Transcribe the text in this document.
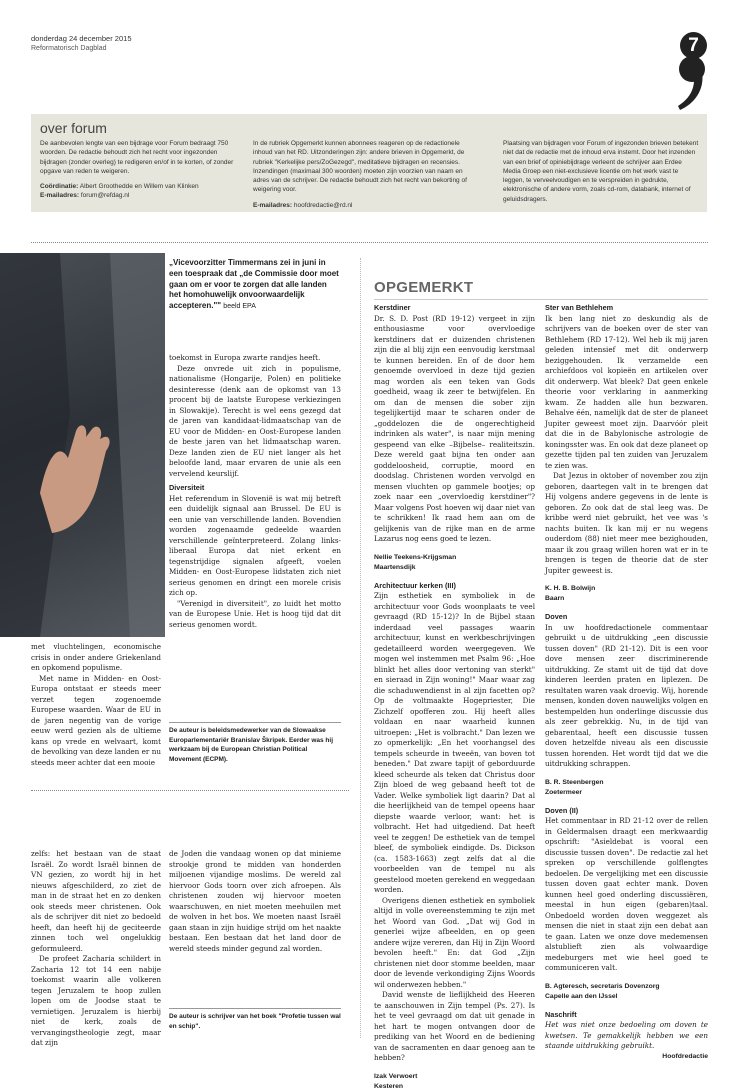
donderdag 24 december 2015
Reformatorisch Dagblad	7
over forum

De aanbevolen lengte van een bijdrage voor Forum bedraagt 750 woorden. De redactie behoudt zich het recht voor ingezonden bijdragen (zonder overleg) te redigeren en/of in te korten, of zonder opgave van reden te weigeren.

Coördinatie: Albert Groothedde en Willem van Klinken

E-mailadres: forum@refdag.nl

In de rubriek Opgemerkt kunnen abonnees reageren op de redactionele inhoud van het RD. Uitzonderingen zijn: andere brieven in Opgemerkt, de rubriek "Kerkelijke pers/ZoGezegd", meditatieve bijdragen en recensies. Inzendingen (maximaal 300 woorden) moeten zijn voorzien van naam en adres van de schrijver. De redactie behoudt zich het recht van bekorting of weigering voor.

E-mailadres: hoofdredactie@rd.nl

Plaatsing van bijdragen voor Forum of ingezonden brieven betekent niet dat de redactie met de inhoud erva instemt. Door het inzenden van een brief of opiniebijdrage verleent de schrijver aan Erdee Media Groep een niet-exclusieve licentie om het werk vast te leggen, te verveelvoudigen en te verspreiden in gedrukte, elektronische of andere vorm, zoals cd-rom, databank, internet of geluidsdragers.

„Vicevoorzitter Timmermans zei in juni in een toespraak dat „de Commissie door moet gaan om er voor te zorgen dat alle landen het homohuwelijk onvoorwaardelijk accepteren."" beeld EPA

met vluchtelingen, economische crisis in onder andere Griekenland en opkomend populisme.

Met name in Midden- en Oost-Europa ontstaat er steeds meer verzet tegen zogenoemde Europese waarden. Waar de EU in de jaren negentig van de vorige eeuw werd gezien als de ultieme kans op vrede en welvaart, komt de bevolking van deze landen er nu steeds meer achter dat een mooie

toekomst in Europa zwarte randjes heeft.

Deze onvrede uit zich in populisme, nationalisme (Hongarije, Polen) en politieke desinteresse (denk aan de opkomst van 13 procent bij de laatste Europese verkiezingen in Slowakije). Terecht is wel eens gezegd dat de jaren van kandidaat-lidmaatschap van de EU voor de Midden- en Oost-Europese landen de beste jaren van het lidmaatschap waren. Deze landen zien de EU niet langer als het beloofde land, maar ervaren de unie als een vervelend keurslijf.

Diversiteit

Het referendum in Slovenië is wat mij betreft een duidelijk signaal aan Brussel. De EU is een unie van verschillende landen. Bovendien worden zogenaamde gedeelde waarden verschillende geïnterpreteerd. Zolang links-liberaal Europa dat niet erkent en tegenstrijdige signalen afgeeft, voelen Midden- en Oost-Europese lidstaten zich niet serieus genomen en dringt een morele crisis zich op.

"Verenigd in diversiteit", zo luidt het motto van de Europese Unie. Het is hoog tijd dat dit serieus genomen wordt.

De auteur is beleidsmedewerker van de Slowaakse Europarlementariër Branislav Škripek. Eerder was hij werkzaam bij de European Christian Political Movement (ECPM).

zelfs: het bestaan van de staat Israël. Zo wordt Israël binnen de VN gezien, zo wordt hij in het nieuws afgeschilderd, zo ziet de man in de straat het en zo denken ook steeds meer christenen. Ook als de schrijver dit niet zo bedoeld heeft, dan heeft hij de geciteerde zinnen toch wel ongelukkig geformuleerd.

De profeet Zacharia schildert in Zacharia 12 tot 14 een nabije toekomst waarin alle volkeren tegen Jeruzalem te hoop zullen lopen om de Joodse staat te vernietigen. Jeruzalem is hierbij niet de kerk, zoals de vervangingstheologie zegt, maar dat zijn

de Joden die vandaag wonen op dat minieme strookje grond te midden van honderden miljoenen vijandige moslims. De wereld zal hiervoor Gods toorn over zich afroepen. Als christenen zouden wij hiervoor moeten waarschuwen, en niet moeten meehuilen met de wolven in het bos. We moeten naast Israël gaan staan in zijn huidige strijd om het naakte bestaan. Een bestaan dat het land door de wereld steeds minder gegund zal worden.

De auteur is schrijver van het boek "Profetie tussen wal en schip".
OPGEMERKT
Kerstdiner

Dr. S. D. Post (RD 19-12) vergeet in zijn enthousiasme voor overvloedige kerstdiners dat er duizenden christenen zijn die al blij zijn een eenvoudig kerstmaal te kunnen bereiden. En of de door hem genoemde overvloed in deze tijd gezien mag worden als een teken van Gods goedheid, waag ik zeer te betwijfelen. En om dan de mensen die sober zijn tegelijkertijd maar te scharen onder de „goddelozen die de ongerechtigheid indrinken als water", is naar mijn mening gespeend van elke –Bijbelse– realiteitszin. Deze wereld gaat bijna ten onder aan goddeloosheid, corruptie, moord en doodslag. Christenen worden vervolgd en mensen vluchten op gammele bootjes; op zoek naar een „overvloedig kerstdiner"? Maar volgens Post hoeven wij daar niet van te schrikken! Ik raad hem aan om de gelijkenis van de rijke man en de arme Lazarus nog eens goed te lezen.

Nellie Teekens-Krijgsman
Maartensdijk
Architectuur kerken (III)

Zijn esthetiek en symboliek in de architectuur voor Gods woonplaats te veel gevraagd (RD 15-12)? In de Bijbel staan inderdaad veel passages waarin architectuur, kunst en werkbeschrijvingen gedetailleerd worden weergegeven. We mogen wel instemmen met Psalm 96: „Hoe blinkt het alles door vertoning van sterkt" en sieraad in Zijn woning!" Maar waar zag die schaduwendienst in al zijn facetten op? Op de voltmaakte Hogepriester, Die Zichzelf opofferen zou. Hij heeft alles voldaan en naar waarheid kunnen uitroepen: „Het is volbracht." Dan lezen we zo opmerkelijk: „En het voorhangsel des tempels scheurde in tweeën, van boven tot beneden." Dat zware tapijt of geborduurde kleed scheurde als teken dat Christus door Zijn bloed de weg gebaand heeft tot de Vader. Welke symboliek ligt daarin? Dat al die heerlijkheid van de tempel opeens haar diepste waarde verloor, want: het is volbracht. Het had uitgediend. Dat heeft veel te zeggen! De esthetiek van de tempel bleef, de symboliek eindigde. Ds. Dickson (ca. 1583-1663) zegt zelfs dat al die voorbeelden van de tempel nu als geestelood moeten gerekend en weggedaan worden.

Overigens dienen esthetiek en symboliek altijd in volle overeenstemming te zijn met het Woord van God. „Dat wij God in generlei wijze afbeelden, en op geen andere wijze vereren, dan Hij in Zijn Woord bevolen heeft." En: dat God „Zijn christenen niet door stomme beelden, maar door de levende verkondiging Zijns Woords wil onderwezen hebben."

David wenste de lieflijkheid des Heeren te aanschouwen in Zijn tempel (Ps. 27). Is het te veel gevraagd om dat uit genade in het hart te mogen ontvangen door de prediking van het Woord en de bediening van de sacramenten en daar genoeg aan te hebben?

Izak Verwoert
Kesteren
Ster van Bethlehem

Ik ben lang niet zo deskundig als de schrijvers van de boeken over de ster van Bethlehem (RD 17-12). Wel heb ik mij jaren geleden intensief met dit onderwerp beziggehouden. Ik verzamelde een archiefdoos vol kopieën en artikelen over dit onderwerp. Wat bleek? Dat geen enkele theorie voor verklaring in aanmerking kwam. Ze hadden alle hun bezwaren. Behalve één, namelijk dat de ster de planeet Jupiter geweest moet zijn. Daarvóór pleit dat die in de Babylonische astrologie de koningsster was. En ook dat deze planeet op gezette tijden pal ten zuiden van Jeruzalem te zien was.

Dat Jezus in oktober of november zou zijn geboren, daartegen valt in te brengen dat Hij volgens andere gegevens in de lente is geboren. Zo ook dat de stal leeg was. De kribbe werd niet gebruikt, het vee was 's nachts buiten. Ik kan mij er nu wegens ouderdom (88) niet meer mee bezighouden, maar ik zou graag willen horen wat er in te brengen is tegen de theorie dat de ster Jupiter geweest is.

K. H. B. Bolwijn
Baarn
Doven

In uw hoofdredactionele commentaar gebruikt u de uitdrukking „een discussie tussen doven" (RD 21-12). Dit is een voor dove mensen zeer discriminerende uitdrukking. Ze stamt uit de tijd dat dove kinderen leerden praten en liplezen. De resultaten waren vaak droevig. Wij, horende mensen, konden doven nauwelijks volgen en bestempelden hun onderlinge discussie dus als zeer gebrekkig. Nu, in de tijd van gebarentaal, heeft een discussie tussen doven hetzelfde niveau als een discussie tussen horenden. Het wordt tijd dat we die uitdrukking schrappen.

B. R. Steenbergen
Zoetermeer
Doven (II)

Het commentaar in RD 21-12 over de rellen in Geldermalsen draagt een merkwaardig opschrift: "Asieldebat is vooral een discussie tussen doven". De redactie zal het spreken op verschillende golflengtes bedoelen. De vergelijking met een discussie tussen doven gaat echter mank. Doven kunnen heel goed onderling discussiëren, meestal in hun eigen (gebaren)taal. Onbedoeld worden doven weggezet als mensen die niet in staat zijn een debat aan te gaan. Laten we onze dove medemensen alstublieft zien als volwaardige medeburgers met wie heel goed te communiceren valt.

B. Agteresch, secretaris Dovenzorg
Capelle aan den IJssel
Naschrift

Het was niet onze bedoeling om doven te kwetsen. Te gemakkelijk hebben we een staande uitdrukking gebruikt.

Hoofdredactie
